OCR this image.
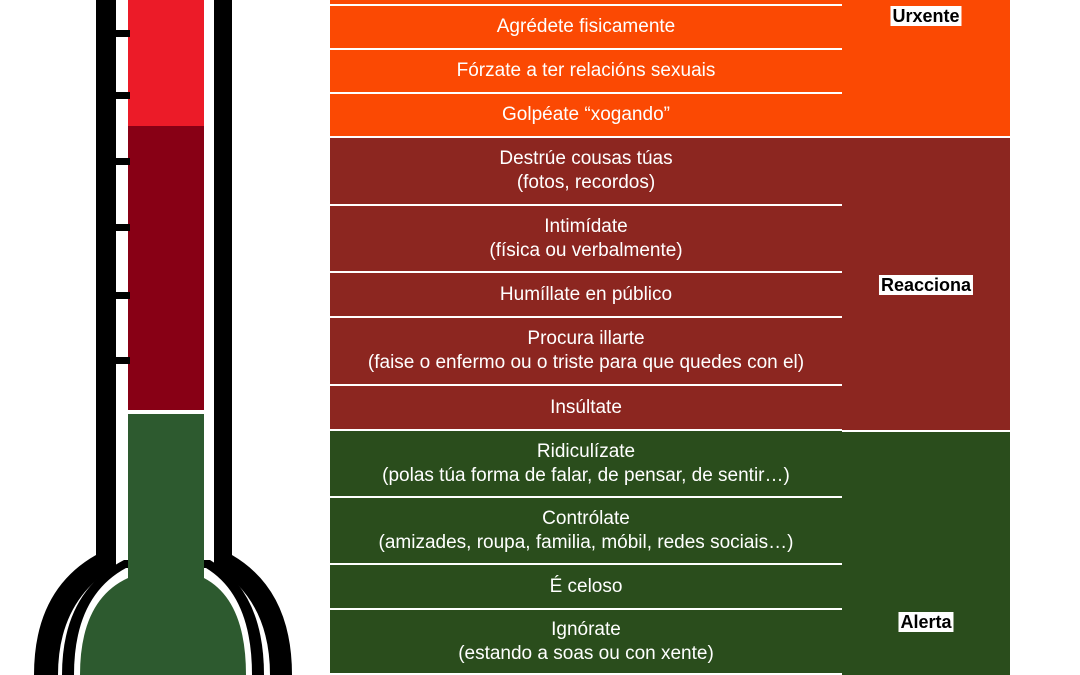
Agrédete fisicamente
Fórzate a ter relacións sexuais
Golpéate “xogando”
Destrúe cousas túas
(fotos, recordos)
Intimídate
(física ou verbalmente)
Humíllate en público
Procura illarte
(faise o enfermo ou o triste para que quedes con el)
Insúltate
Ridiculízate
(polas túa forma de falar, de pensar, de sentir…)
Contrólate
(amizades, roupa, familia, móbil, redes sociais…)
É celoso
Ignórate
(estando a soas ou con xente)
Urxente
Reacciona
Alerta
